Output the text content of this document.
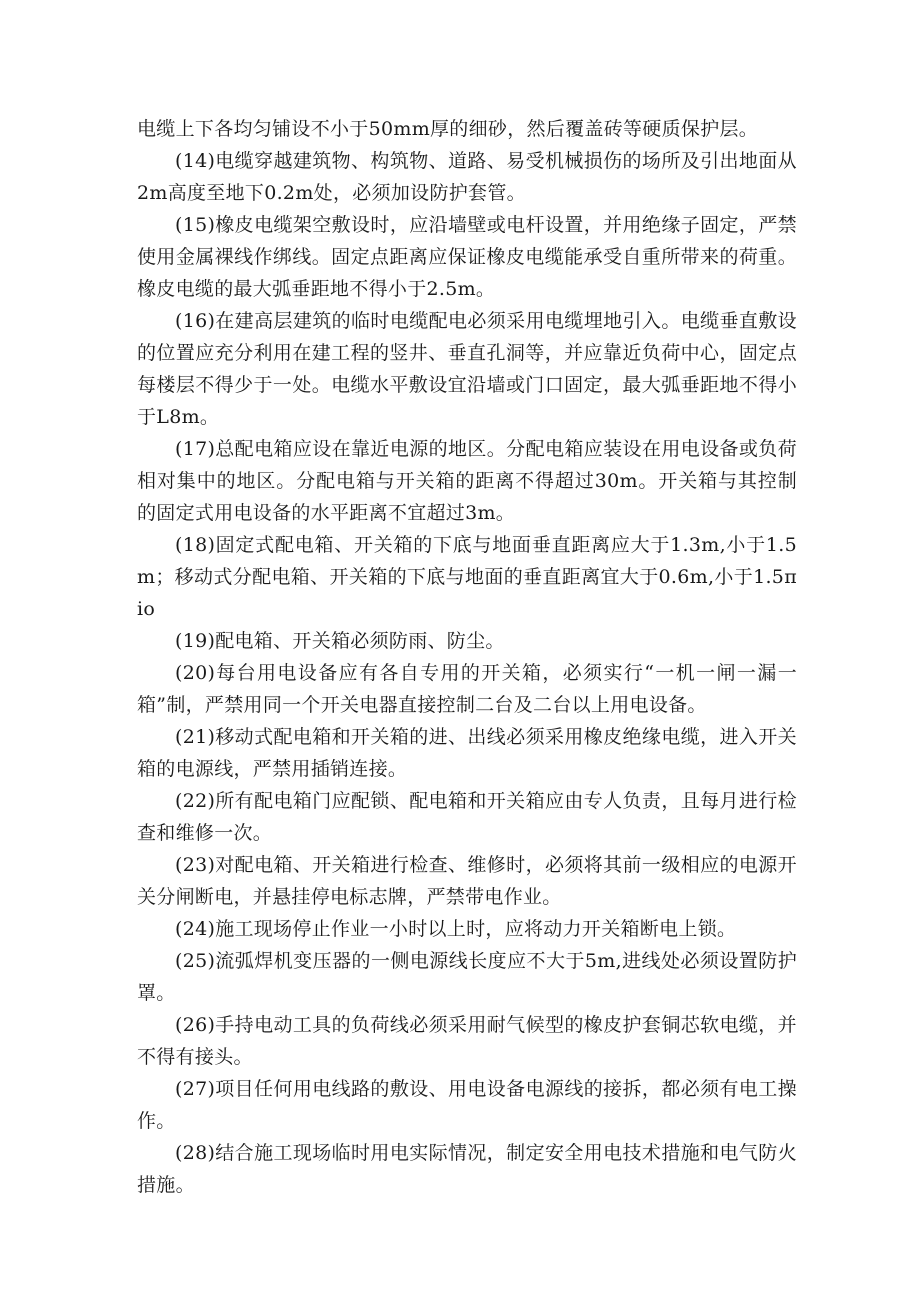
电缆上下各均匀铺设不小于50mm厚的细砂，然后覆盖砖等硬质保护层。

(14)电缆穿越建筑物、构筑物、道路、易受机械损伤的场所及引出地面从2m高度至地下0.2m处，必须加设防护套管。

(15)橡皮电缆架空敷设时，应沿墙壁或电杆设置，并用绝缘子固定，严禁使用金属裸线作绑线。固定点距离应保证橡皮电缆能承受自重所带来的荷重。橡皮电缆的最大弧垂距地不得小于2.5m。

(16)在建高层建筑的临时电缆配电必须采用电缆埋地引入。电缆垂直敷设的位置应充分利用在建工程的竖井、垂直孔洞等，并应靠近负荷中心，固定点每楼层不得少于一处。电缆水平敷设宜沿墙或门口固定，最大弧垂距地不得小于L8m。

(17)总配电箱应设在靠近电源的地区。分配电箱应装设在用电设备或负荷相对集中的地区。分配电箱与开关箱的距离不得超过30m。开关箱与其控制的固定式用电设备的水平距离不宜超过3m。

(18)固定式配电箱、开关箱的下底与地面垂直距离应大于1.3m,小于1.5m；移动式分配电箱、开关箱的下底与地面的垂直距离宜大于0.6m,小于1.5πio

(19)配电箱、开关箱必须防雨、防尘。

(20)每台用电设备应有各自专用的开关箱，必须实行“一机一闸一漏一箱”制，严禁用同一个开关电器直接控制二台及二台以上用电设备。

(21)移动式配电箱和开关箱的进、出线必须采用橡皮绝缘电缆，进入开关箱的电源线，严禁用插销连接。

(22)所有配电箱门应配锁、配电箱和开关箱应由专人负责，且每月进行检查和维修一次。

(23)对配电箱、开关箱进行检查、维修时，必须将其前一级相应的电源开关分闸断电，并悬挂停电标志牌，严禁带电作业。

(24)施工现场停止作业一小时以上时，应将动力开关箱断电上锁。

(25)流弧焊机变压器的一侧电源线长度应不大于5m,进线处必须设置防护罩。

(26)手持电动工具的负荷线必须采用耐气候型的橡皮护套铜芯软电缆，并不得有接头。

(27)项目任何用电线路的敷设、用电设备电源线的接拆，都必须有电工操作。

(28)结合施工现场临时用电实际情况，制定安全用电技术措施和电气防火措施。
